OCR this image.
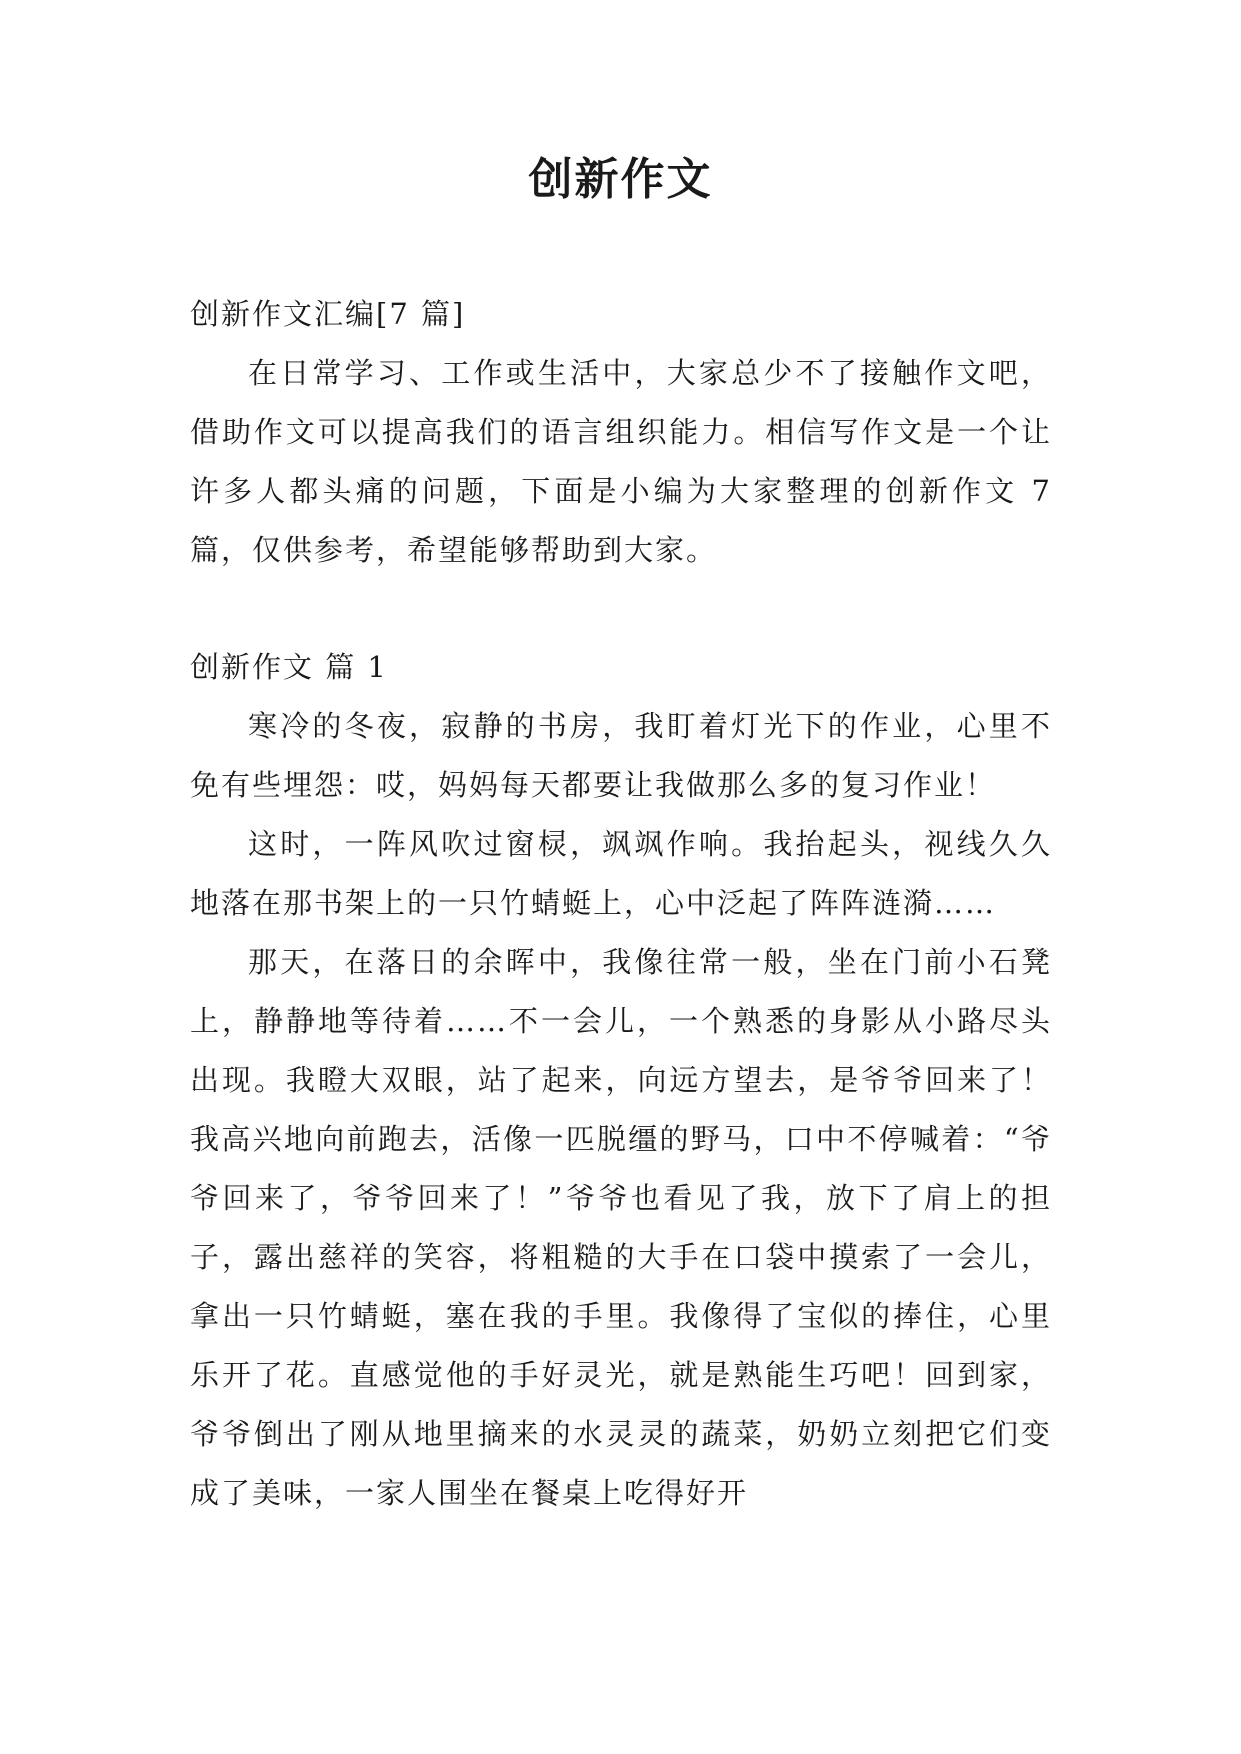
创新作文

创新作文汇编[7 篇]

在日常学习、工作或生活中，大家总少不了接触作文吧，借助作文可以提高我们的语言组织能力。相信写作文是一个让许多人都头痛的问题，下面是小编为大家整理的创新作文 7 篇，仅供参考，希望能够帮助到大家。

创新作文 篇 1

寒冷的冬夜，寂静的书房，我盯着灯光下的作业，心里不免有些埋怨：哎，妈妈每天都要让我做那么多的复习作业！

这时，一阵风吹过窗棂，飒飒作响。我抬起头，视线久久地落在那书架上的一只竹蜻蜓上，心中泛起了阵阵涟漪……

那天，在落日的余晖中，我像往常一般，坐在门前小石凳上，静静地等待着……不一会儿，一个熟悉的身影从小路尽头出现。我瞪大双眼，站了起来，向远方望去，是爷爷回来了！我高兴地向前跑去，活像一匹脱缰的野马，口中不停喊着：“爷爷回来了，爷爷回来了！”爷爷也看见了我，放下了肩上的担子，露出慈祥的笑容，将粗糙的大手在口袋中摸索了一会儿，拿出一只竹蜻蜓，塞在我的手里。我像得了宝似的捧住，心里乐开了花。直感觉他的手好灵光，就是熟能生巧吧！回到家，爷爷倒出了刚从地里摘来的水灵灵的蔬菜，奶奶立刻把它们变成了美味，一家人围坐在餐桌上吃得好开
